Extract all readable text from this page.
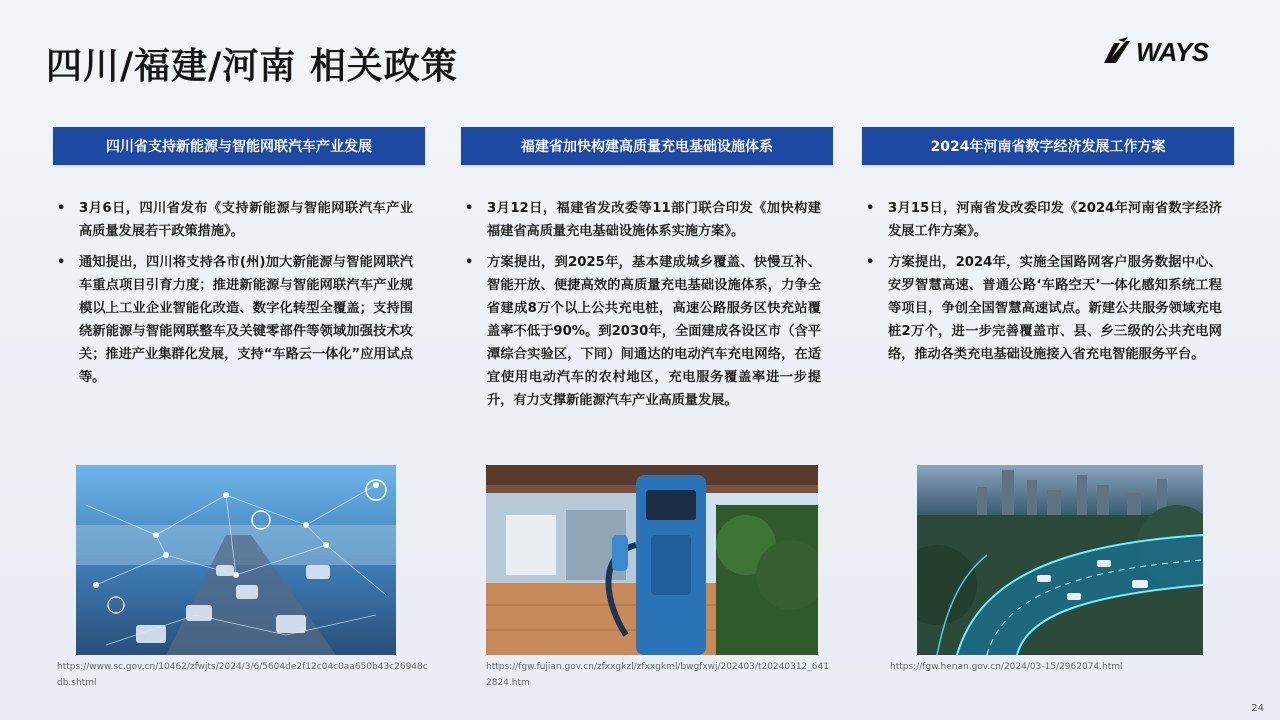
四川/福建/河南 相关政策	WAYS
四川省支持新能源与智能网联汽车产业发展
• 3月6日，四川省发布《支持新能源与智能网联汽车产业高质量发展若干政策措施》。
• 通知提出，四川将支持各市(州)加大新能源与智能网联汽车重点项目引育力度；推进新能源与智能网联汽车产业规模以上工业企业智能化改造、数字化转型全覆盖；支持围绕新能源与智能网联整车及关键零部件等领域加强技术攻关；推进产业集群化发展，支持“车路云一体化”应用试点等。
福建省加快构建高质量充电基础设施体系
• 3月12日，福建省发改委等11部门联合印发《加快构建福建省高质量充电基础设施体系实施方案》。
• 方案提出，到2025年，基本建成城乡覆盖、快慢互补、智能开放、便捷高效的高质量充电基础设施体系，力争全省建成8万个以上公共充电桩，高速公路服务区快充站覆盖率不低于90%。到2030年，全面建成各设区市（含平潭综合实验区，下同）间通达的电动汽车充电网络，在适宜使用电动汽车的农村地区，充电服务覆盖率进一步提升，有力支撑新能源汽车产业高质量发展。
2024年河南省数字经济发展工作方案
• 3月15日，河南省发改委印发《2024年河南省数字经济发展工作方案》。
• 方案提出，2024年，实施全国路网客户服务数据中心、安罗智慧高速、普通公路‘车路空天’一体化感知系统工程等项目，争创全国智慧高速试点。新建公共服务领域充电桩2万个，进一步完善覆盖市、县、乡三级的公共充电网络，推动各类充电基础设施接入省充电智能服务平台。
https://www.sc.gov.cn/10462/zfwjts/2024/3/6/5604de2f12c04c0aa650b43c26948cdb.shtml
https://fgw.fujian.gov.cn/zfxxgkzl/zfxxgkml/bwgfxwj/202403/t20240312_6412824.htm
https://fgw.henan.gov.cn/2024/03-15/2962074.html
24
